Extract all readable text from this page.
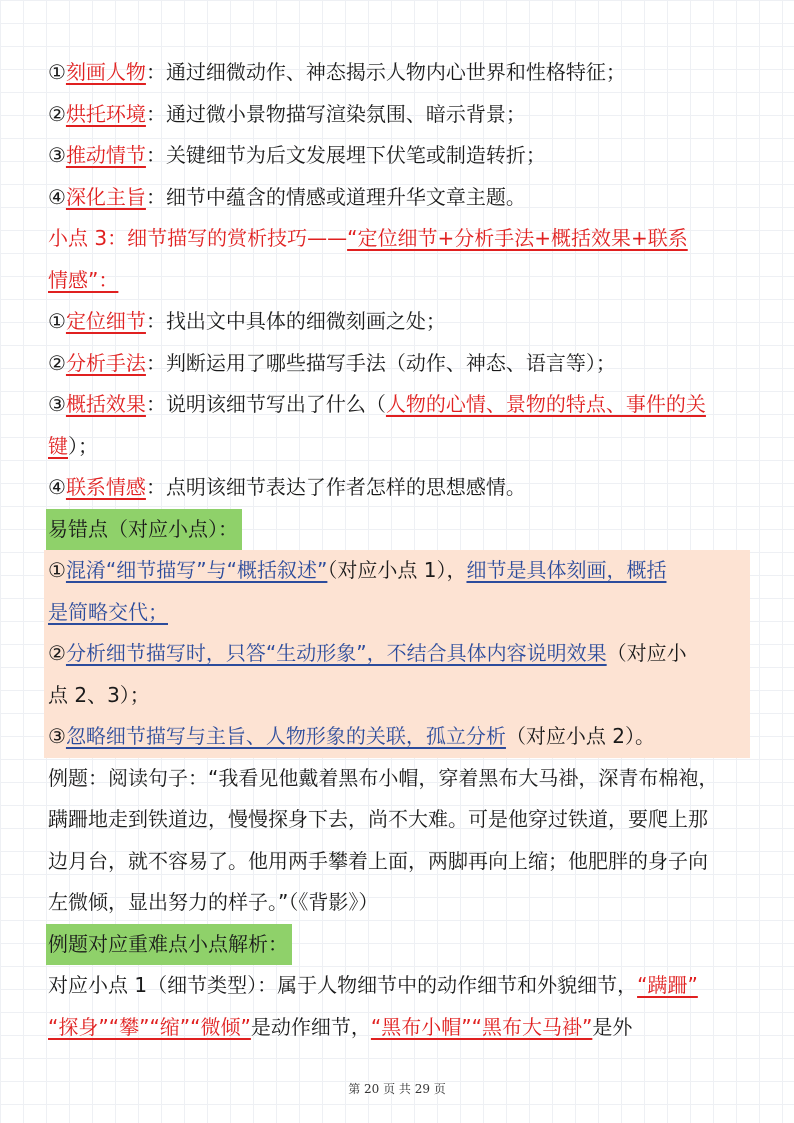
①刻画人物：通过细微动作、神态揭示人物内心世界和性格特征；
②烘托环境：通过微小景物描写渲染氛围、暗示背景；
③推动情节：关键细节为后文发展埋下伏笔或制造转折；
④深化主旨：细节中蕴含的情感或道理升华文章主题。
小点 3：细节描写的赏析技巧——“定位细节+分析手法+概括效果+联系
情感”：
①定位细节：找出文中具体的细微刻画之处；
②分析手法：判断运用了哪些描写手法（动作、神态、语言等）；
③概括效果：说明该细节写出了什么（人物的心情、景物的特点、事件的关
键）；
④联系情感：点明该细节表达了作者怎样的思想感情。
易错点（对应小点）：
①混淆“细节描写”与“概括叙述”（对应小点 1），细节是具体刻画，概括
是简略交代；
②分析细节描写时，只答“生动形象”，不结合具体内容说明效果（对应小
点 2、3）；
③忽略细节描写与主旨、人物形象的关联，孤立分析（对应小点 2）。
例题：阅读句子：“我看见他戴着黑布小帽，穿着黑布大马褂，深青布棉袍，
蹒跚地走到铁道边，慢慢探身下去，尚不大难。可是他穿过铁道，要爬上那
边月台，就不容易了。他用两手攀着上面，两脚再向上缩；他肥胖的身子向
左微倾，显出努力的样子。”（《背影》）
例题对应重难点小点解析：
对应小点 1（细节类型）：属于人物细节中的动作细节和外貌细节，“蹒跚”
“探身”“攀”“缩”“微倾”是动作细节，“黑布小帽”“黑布大马褂”是外
第 20 页 共 29 页
